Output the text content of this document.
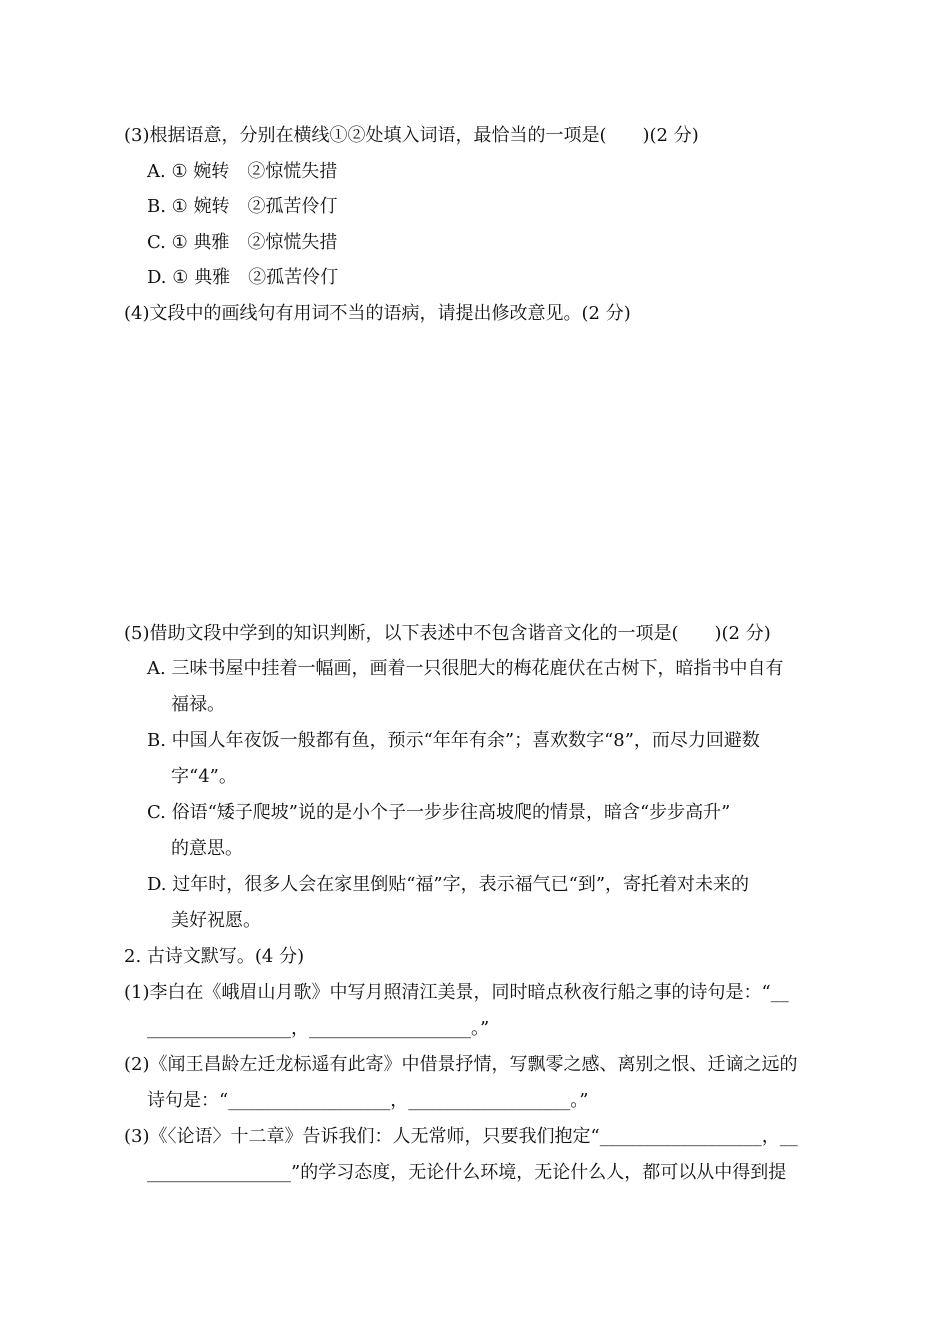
(3)根据语意，分别在横线①②处填入词语，最恰当的一项是(　　)(2 分)
A. ① 婉转　②惊慌失措
B. ① 婉转　②孤苦伶仃
C. ① 典雅　②惊慌失措
D. ① 典雅　②孤苦伶仃
(4)文段中的画线句有用词不当的语病，请提出修改意见。(2 分)
(5)借助文段中学到的知识判断，以下表述中不包含谐音文化的一项是(　　)(2 分)
A. 三味书屋中挂着一幅画，画着一只很肥大的梅花鹿伏在古树下，暗指书中自有
福禄。
B. 中国人年夜饭一般都有鱼，预示“年年有余”；喜欢数字“8”，而尽力回避数
字“4”。
C. 俗语“矮子爬坡”说的是小个子一步步往高坡爬的情景，暗含“步步高升”
的意思。
D. 过年时，很多人会在家里倒贴“福”字，表示福气已“到”，寄托着对未来的
美好祝愿。
2. 古诗文默写。(4 分)
(1)李白在《峨眉山月歌》中写月照清江美景，同时暗点秋夜行船之事的诗句是：“__
________________，__________________。”
(2)《闻王昌龄左迁龙标遥有此寄》中借景抒情，写飘零之感、离别之恨、迁谪之远的
诗句是：“__________________，__________________。”
(3)《〈论语〉十二章》告诉我们：人无常师，只要我们抱定“__________________，__
________________”的学习态度，无论什么环境，无论什么人，都可以从中得到提
